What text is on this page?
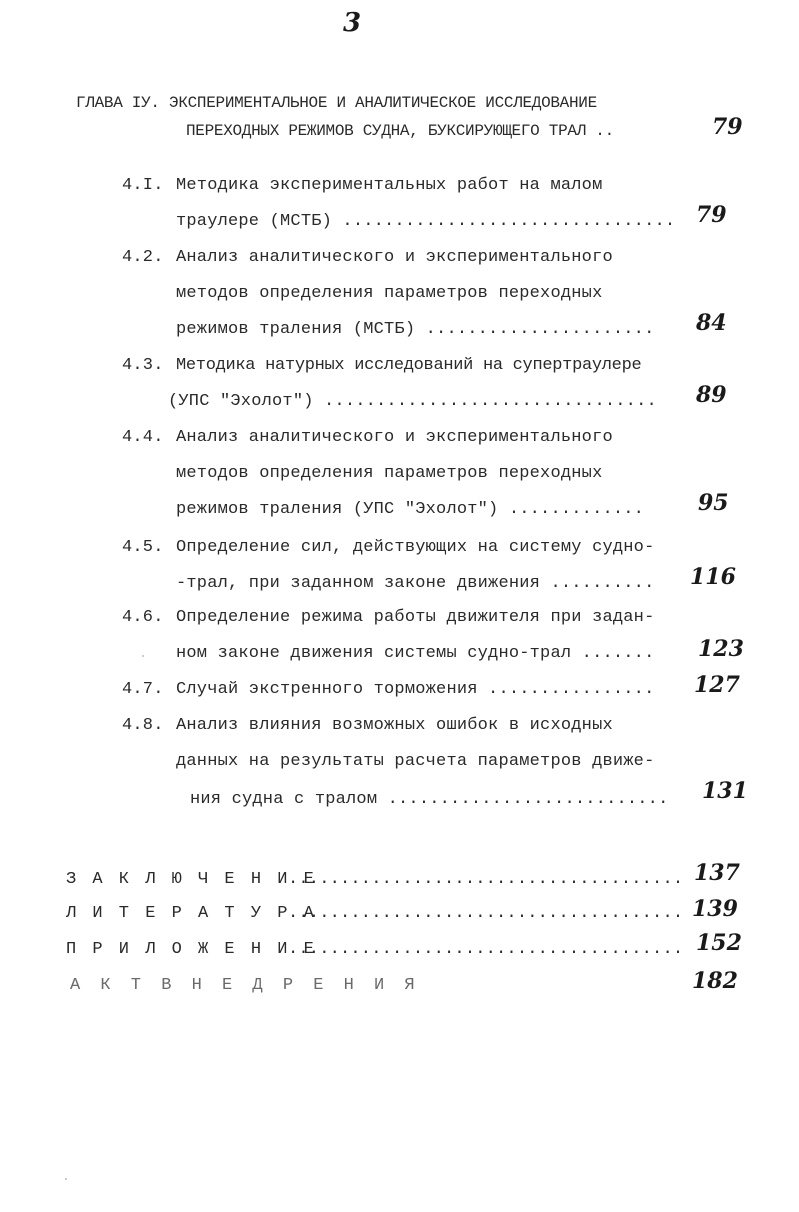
3
ГЛАВА IУ. ЭКСПЕРИМЕНТАЛЬНОЕ И АНАЛИТИЧЕСКОЕ ИССЛЕДОВАНИЕ
ПЕРЕХОДНЫХ РЕЖИМОВ СУДНА, БУКСИРУЮЩЕГО ТРАЛ ..	79
4.I. Методика экспериментальных работ на малом
траулере (МСТБ) ................................ 79
4.2. Анализ аналитического и экспериментального
методов определения параметров переходных
режимов траления (МСТБ) ...................... 84
4.3. Методика натурных исследований на супертраулере
(УПС "Эхолот") ................................ 89
4.4. Анализ аналитического и экспериментального
методов определения параметров переходных
режимов траления (УПС "Эхолот") ............. 95
4.5. Определение сил, действующих на систему судно-
-трал, при заданном законе движения .......... 116
4.6. Определение режима работы движителя при задан-
ном законе движения системы судно-трал ....... 123
4.7. Случай экстренного торможения ................ 127
4.8. Анализ влияния возможных ошибок в исходных
данных на результаты расчета параметров движе-
ния судна с тралом ........................... 131
З А К Л Ю Ч Е Н И Е
...................................... 137
Л И Т Е Р А Т У Р А
...................................... 139
П Р И Л О Ж Е Н И Е
...................................... 152
А К Т В Н Е Д Р Е Н И Я	182
